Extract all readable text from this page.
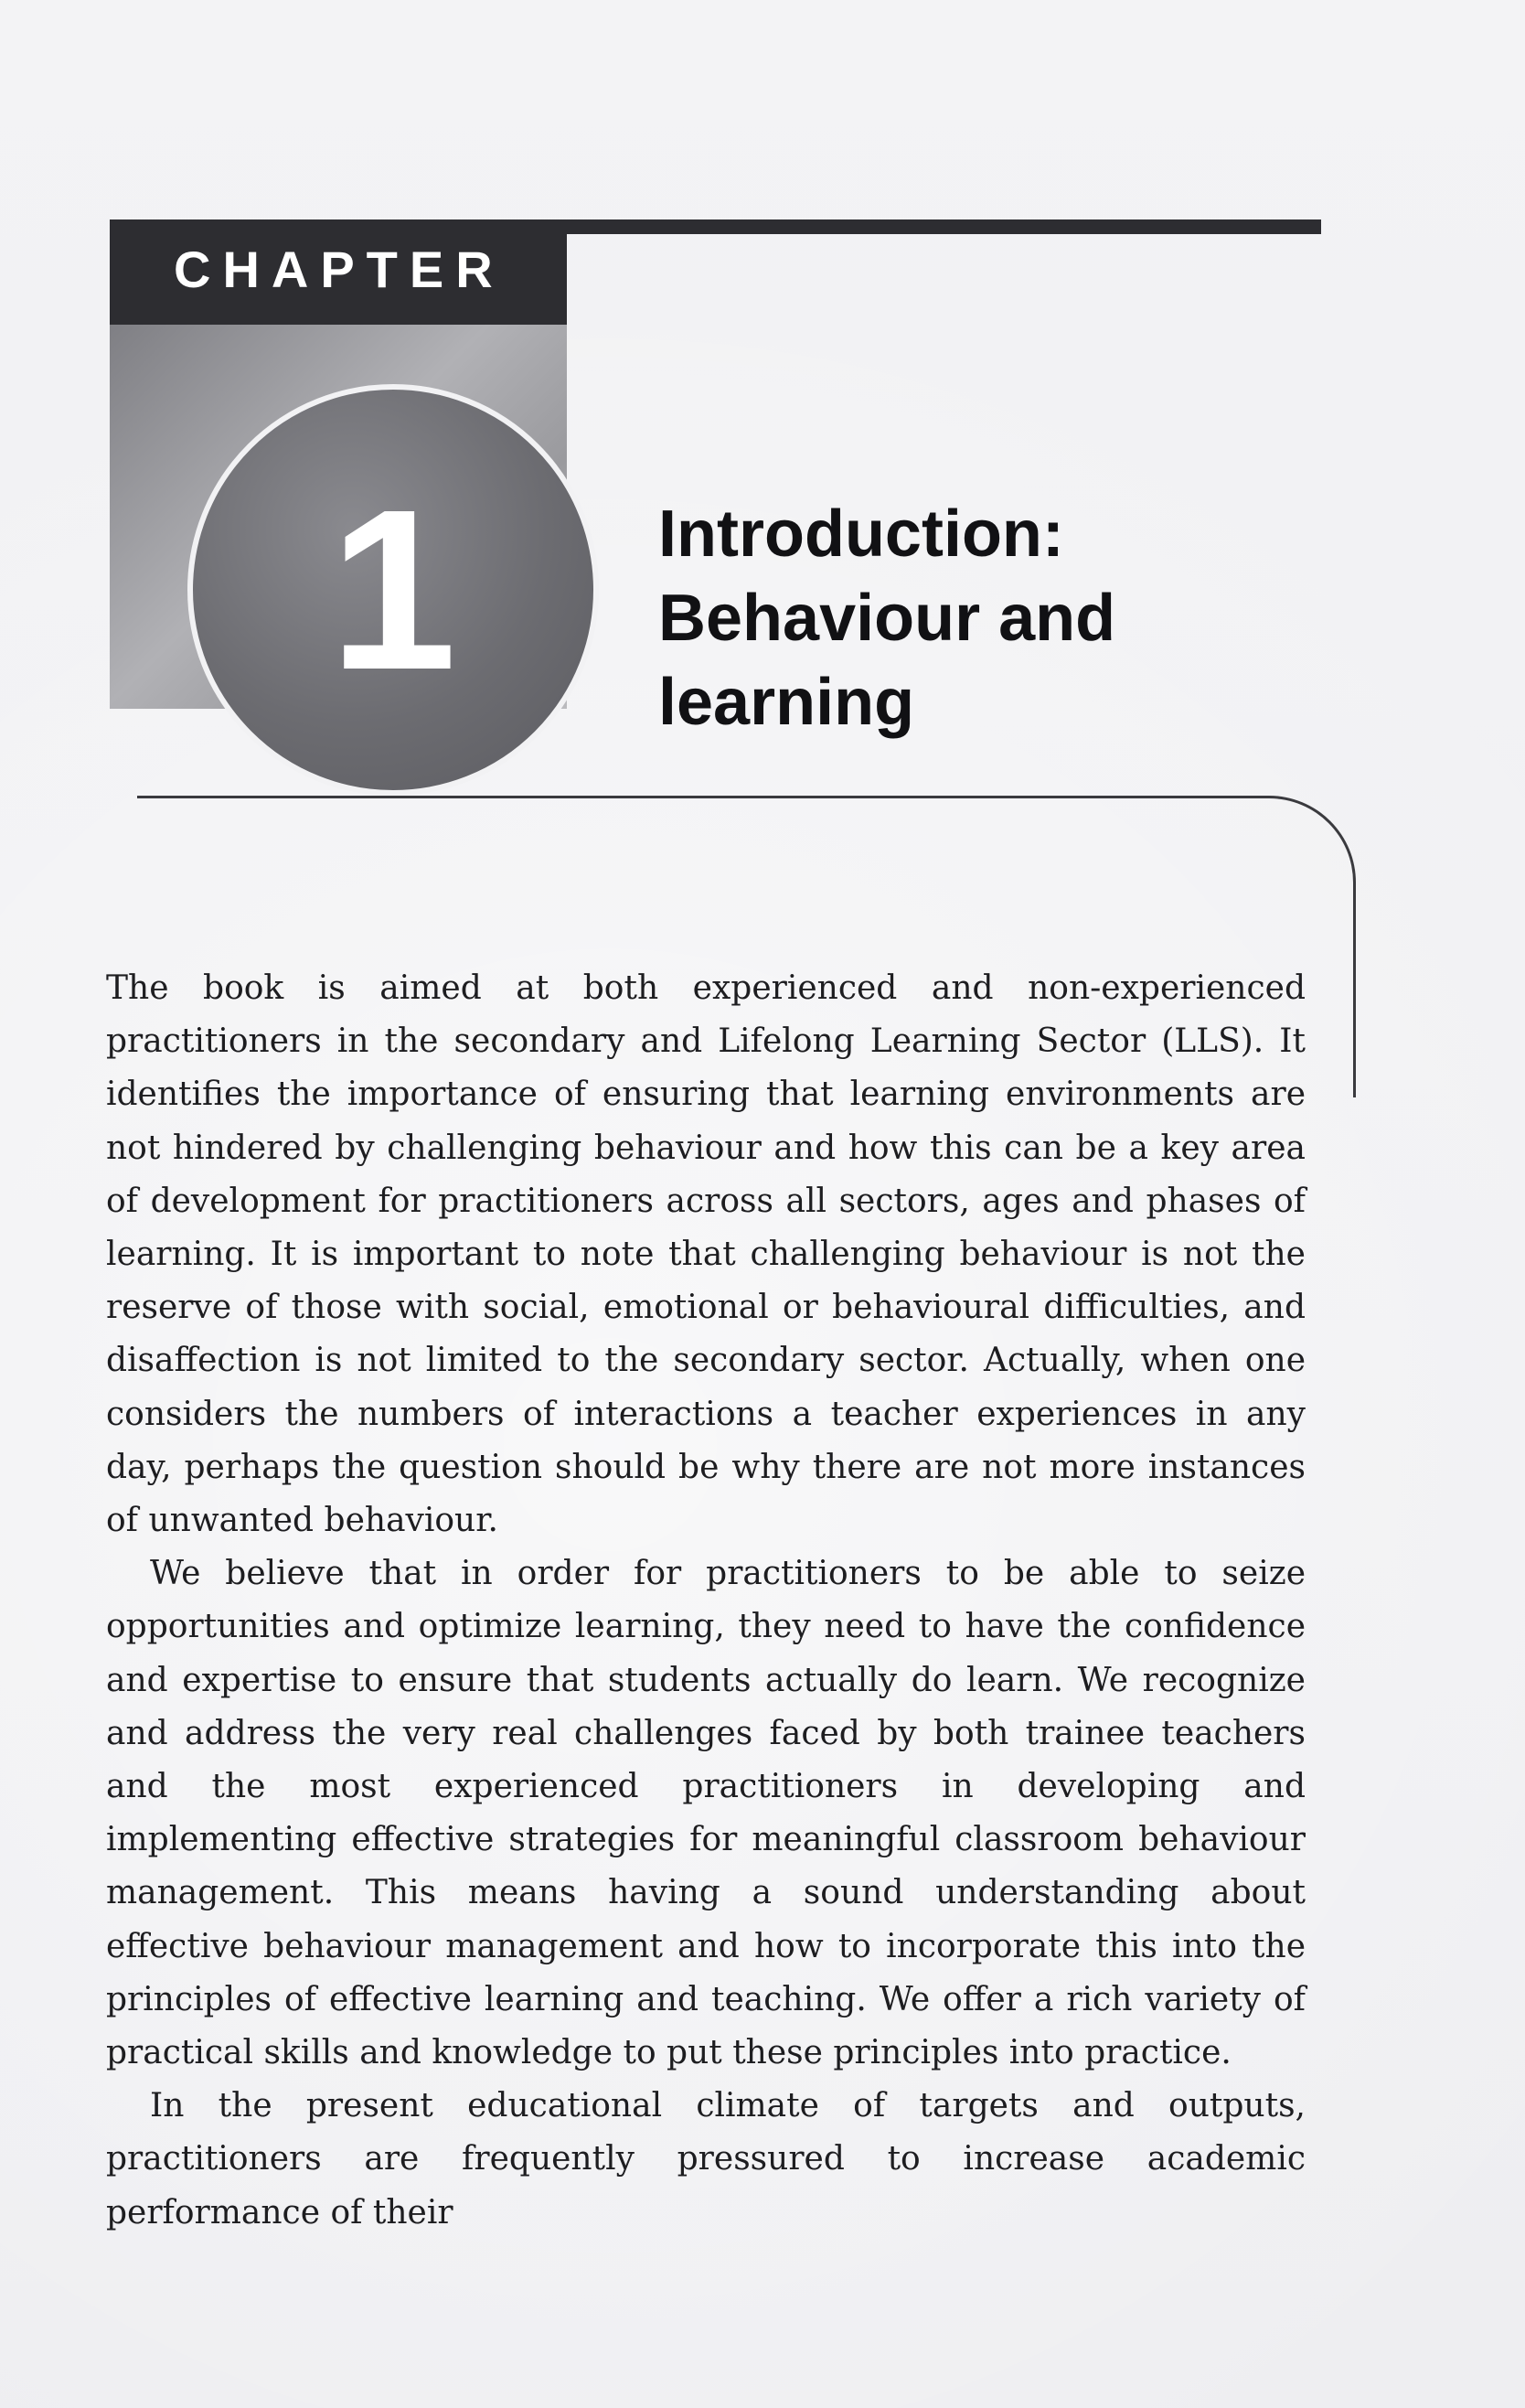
CHAPTER
1	Introduction:
Behaviour and
learning

The book is aimed at both experienced and non-experienced practitioners in the secondary and Lifelong Learning Sector (LLS). It identifies the importance of ensuring that learning environments are not hindered by challenging behaviour and how this can be a key area of development for practitioners across all sectors, ages and phases of learning. It is important to note that challenging behaviour is not the reserve of those with social, emotional or behavioural difficulties, and disaffection is not limited to the secondary sector. Actually, when one considers the numbers of interactions a teacher experiences in any day, perhaps the question should be why there are not more instances of unwanted behaviour.

We believe that in order for practitioners to be able to seize opportunities and optimize learning, they need to have the confidence and expertise to ensure that students actually do learn. We recognize and address the very real challenges faced by both trainee teachers and the most experienced practitioners in developing and implementing effective strategies for meaningful classroom behaviour management. This means having a sound understanding about effective behaviour management and how to incorporate this into the principles of effective learning and teaching. We offer a rich variety of practical skills and knowledge to put these principles into practice.

In the present educational climate of targets and outputs, practitioners are frequently pressured to increase academic performance of their
